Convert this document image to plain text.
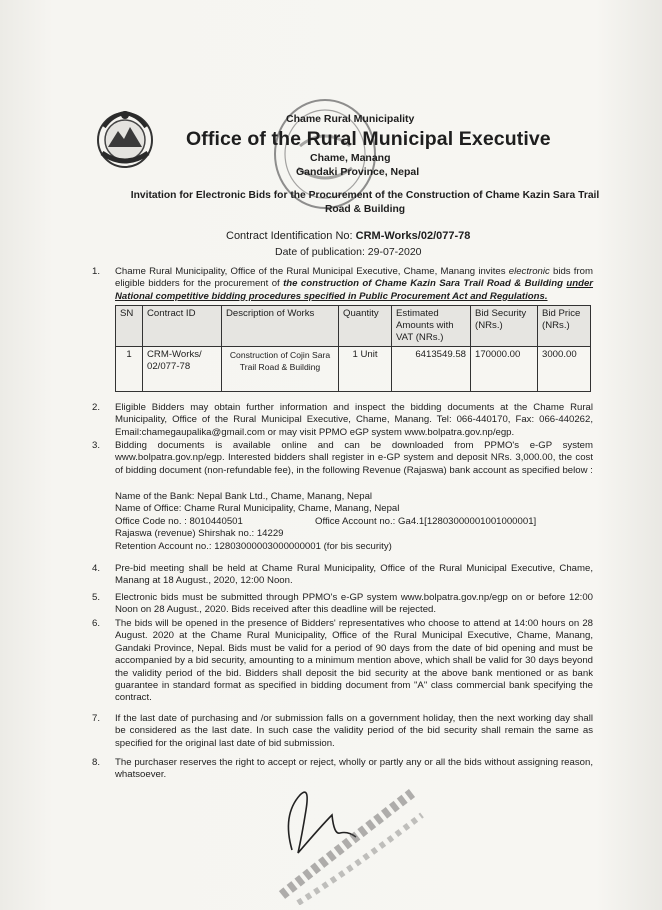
Chame Rural Municipality
Office of the Rural Municipal Executive
Chame, Manang
Gandaki Province, Nepal
Invitation for Electronic Bids for the Procurement of the Construction of Chame Kazin Sara Trail Road & Building
Contract Identification No: CRM-Works/02/077-78
Date of publication: 29-07-2020
1. Chame Rural Municipality, Office of the Rural Municipal Executive, Chame, Manang invites electronic bids from eligible bidders for the procurement of the construction of Chame Kazin Sara Trail Road & Building under National competitive bidding procedures specified in Public Procurement Act and Regulations.
SN	Contract ID	Description of Works	Quantity	Estimated Amounts with VAT (NRs.)	Bid Security (NRs.)	Bid Price (NRs.)
1	CRM-Works/ 02/077-78	Construction of Cojin Sara Trail Road & Building	1 Unit	6413549.58	170000.00	3000.00
2. Eligible Bidders may obtain further information and inspect the bidding documents at the Chame Rural Municipality, Office of the Rural Municipal Executive, Chame, Manang. Tel: 066-440170, Fax: 066-440262, Email:chamegaupalika@gmail.com or may visit PPMO eGP system www.bolpatra.gov.np/egp.
3. Bidding documents is available online and can be downloaded from PPMO's e-GP system www.bolpatra.gov.np/egp. Interested bidders shall register in e-GP system and deposit NRs. 3,000.00, the cost of bidding document (non-refundable fee), in the following Revenue (Rajaswa) bank account as specified below :
Name of the Bank: Nepal Bank Ltd., Chame, Manang, Nepal
Name of Office: Chame Rural Municipality, Chame, Manang, Nepal
Office Code no. : 8010440501	Office Account no.: Ga4.1[12803000001001000001]
Rajaswa (revenue) Shirshak no.: 14229
Retention Account no.: 12803000003000000001 (for bis security)
4. Pre-bid meeting shall be held at Chame Rural Municipality, Office of the Rural Municipal Executive, Chame, Manang at 18 August., 2020, 12:00 Noon.
5. Electronic bids must be submitted through PPMO's e-GP system www.bolpatra.gov.np/egp on or before 12:00 Noon on 28 August., 2020. Bids received after this deadline will be rejected.
6. The bids will be opened in the presence of Bidders' representatives who choose to attend at 14:00 hours on 28 August. 2020 at the Chame Rural Municipality, Office of the Rural Municipal Executive, Chame, Manang, Gandaki Province, Nepal. Bids must be valid for a period of 90 days from the date of bid opening and must be accompanied by a bid security, amounting to a minimum mention above, which shall be valid for 30 days beyond the validity period of the bid. Bidders shall deposit the bid security at the above bank mentioned or as bank guarantee in standard format as specified in bidding document from "A" class commercial bank specifying the contract.
7. If the last date of purchasing and /or submission falls on a government holiday, then the next working day shall be considered as the last date. In such case the validity period of the bid security shall remain the same as specified for the original last date of bid submission.
8. The purchaser reserves the right to accept or reject, wholly or partly any or all the bids without assigning reason, whatsoever.
